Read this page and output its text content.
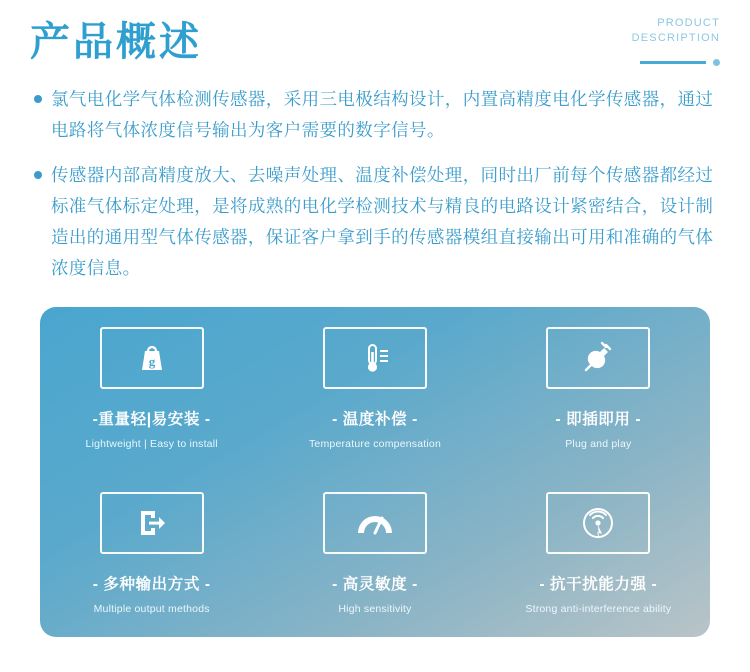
产品概述	PRODUCT
DESCRIPTION
氯气电化学气体检测传感器，采用三电极结构设计，内置高精度电化学传感器，通过电路将气体浓度信号输出为客户需要的数字信号。
传感器内部高精度放大、去噪声处理、温度补偿处理，同时出厂前每个传感器都经过标准气体标定处理，是将成熟的电化学检测技术与精良的电路设计紧密结合，设计制造出的通用型气体传感器，保证客户拿到手的传感器模组直接输出可用和准确的气体浓度信息。
g
-重量轻|易安装 -
Lightweight | Easy to install
- 温度补偿 -
Temperature compensation
- 即插即用 -
Plug and play
- 多种输出方式 -
Multiple output methods
- 高灵敏度 -
High sensitivity
- 抗干扰能力强 -
Strong anti-interference ability
